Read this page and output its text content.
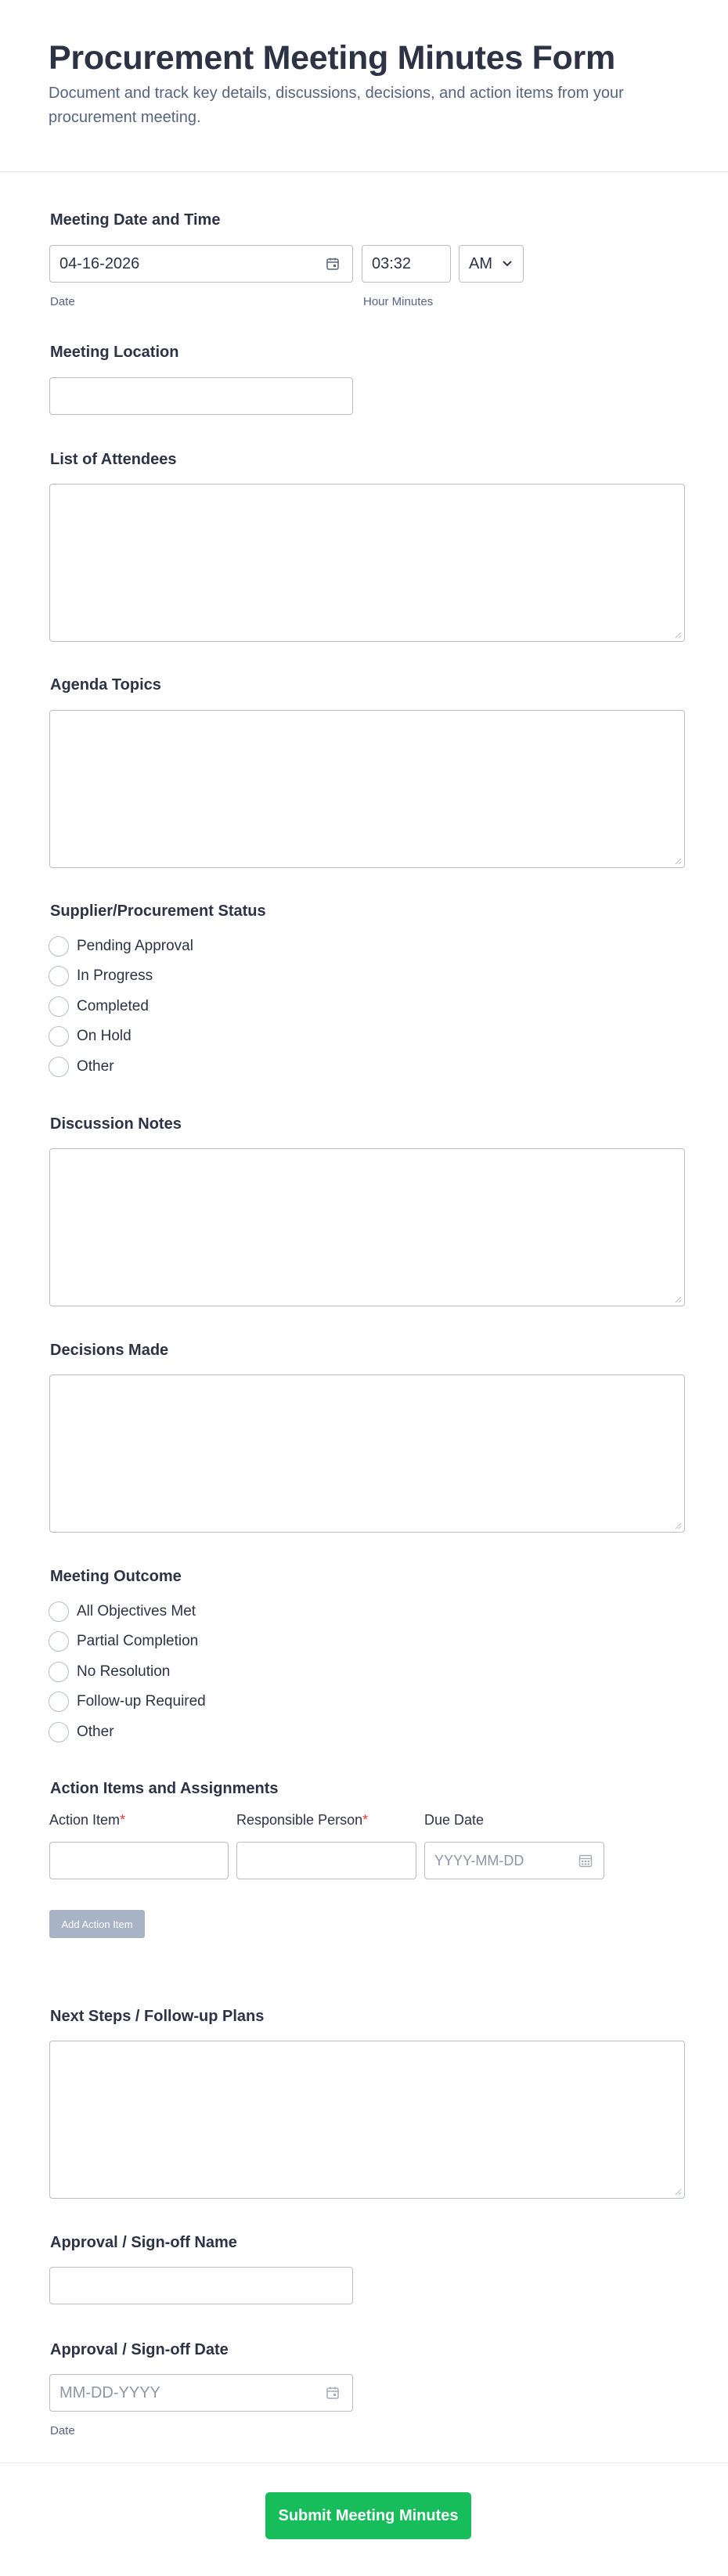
Procurement Meeting Minutes Form

Document and track key details, discussions, decisions, and action items from your procurement meeting.

Meeting Date and Time
04-16-2026
Date
03:32
Hour Minutes
AM
Meeting Location
List of Attendees
Agenda Topics
Supplier/Procurement Status
Pending Approval
In Progress
Completed
On Hold
Other
Discussion Notes
Decisions Made
Meeting Outcome
All Objectives Met
Partial Completion
No Resolution
Follow-up Required
Other
Action Items and Assignments
Action Item*	Responsible Person*	Due Date
YYYY-MM-DD
Add Action Item
Next Steps / Follow-up Plans
Approval / Sign-off Name
Approval / Sign-off Date
MM-DD-YYYY
Date
Submit Meeting Minutes
